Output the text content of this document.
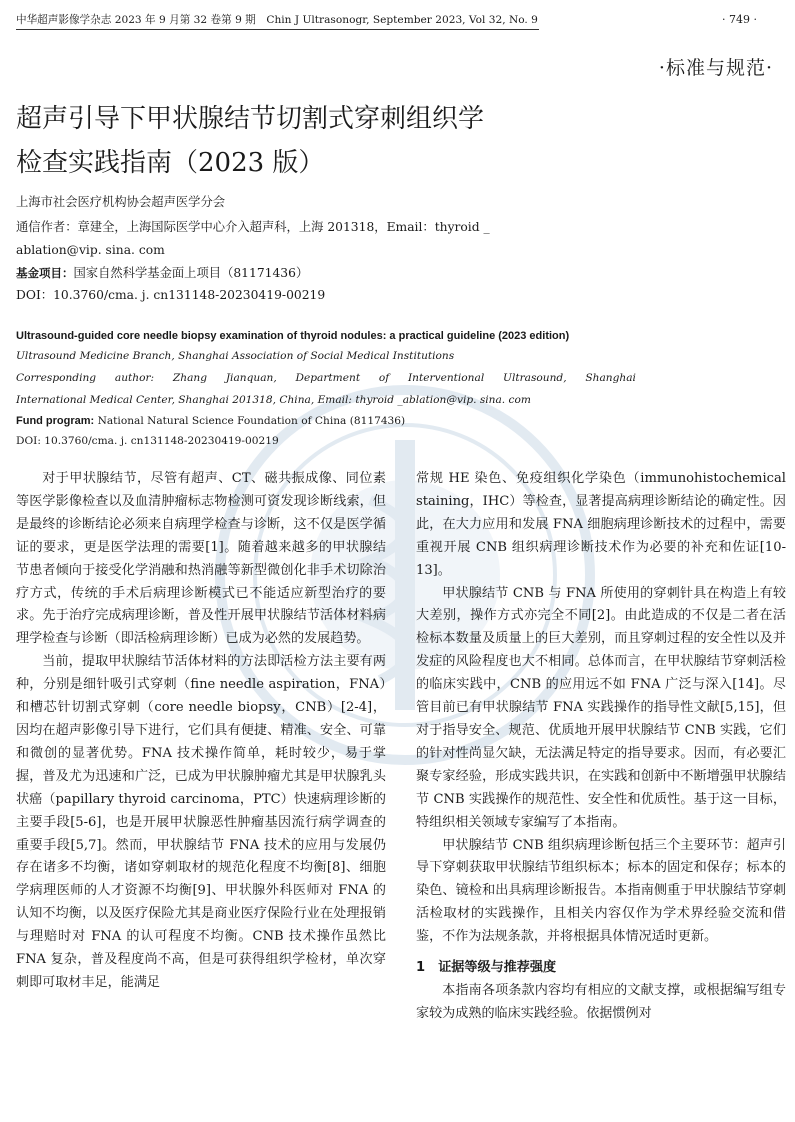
中华超声影像学杂志 2023 年 9 月第 32 卷第 9 期　Chin J Ultrasonogr, September 2023, Vol 32, No. 9	· 749 ·
·标准与规范·
超声引导下甲状腺结节切割式穿刺组织学
检查实践指南（2023 版）
上海市社会医疗机构协会超声医学分会
通信作者：章建全，上海国际医学中心介入超声科，上海 201318，Email：thyroid _
ablation@vip. sina. com
基金项目：国家自然科学基金面上项目（81171436）
DOI：10.3760/cma. j. cn131148-20230419-00219
Ultrasound-guided core needle biopsy examination of thyroid nodules: a practical guideline (2023 edition)
Ultrasound Medicine Branch, Shanghai Association of Social Medical Institutions
Corresponding author: Zhang Jianquan, Department of Interventional Ultrasound, Shanghai
International Medical Center, Shanghai 201318, China, Email: thyroid _ablation@vip. sina. com
Fund program: National Natural Science Foundation of China (8117436)
DOI: 10.3760/cma. j. cn131148-20230419-00219

对于甲状腺结节，尽管有超声、CT、磁共振成像、同位素等医学影像检查以及血清肿瘤标志物检测可资发现诊断线索，但是最终的诊断结论必须来自病理学检查与诊断，这不仅是医学循证的要求，更是医学法理的需要[1]。随着越来越多的甲状腺结节患者倾向于接受化学消融和热消融等新型微创化非手术切除治疗方式，传统的手术后病理诊断模式已不能适应新型治疗的要求。先于治疗完成病理诊断，普及性开展甲状腺结节活体材料病理学检查与诊断（即活检病理诊断）已成为必然的发展趋势。

当前，提取甲状腺结节活体材料的方法即活检方法主要有两种，分别是细针吸引式穿刺（fine needle aspiration，FNA）和槽芯针切割式穿刺（core needle biopsy，CNB）[2-4]，因均在超声影像引导下进行，它们具有便捷、精准、安全、可靠和微创的显著优势。FNA 技术操作简单，耗时较少，易于掌握，普及尤为迅速和广泛，已成为甲状腺肿瘤尤其是甲状腺乳头状癌（papillary thyroid carcinoma，PTC）快速病理诊断的主要手段[5-6]，也是开展甲状腺恶性肿瘤基因流行病学调查的重要手段[5,7]。然而，甲状腺结节 FNA 技术的应用与发展仍存在诸多不均衡，诸如穿刺取材的规范化程度不均衡[8]、细胞学病理医师的人才资源不均衡[9]、甲状腺外科医师对 FNA 的认知不均衡，以及医疗保险尤其是商业医疗保险行业在处理报销与理赔时对 FNA 的认可程度不均衡。CNB 技术操作虽然比 FNA 复杂，普及程度尚不高，但是可获得组织学检材，单次穿刺即可取材丰足，能满足

常规 HE 染色、免疫组织化学染色（immunohistochemical staining，IHC）等检查，显著提高病理诊断结论的确定性。因此，在大力应用和发展 FNA 细胞病理诊断技术的过程中，需要重视开展 CNB 组织病理诊断技术作为必要的补充和佐证[10-13]。

甲状腺结节 CNB 与 FNA 所使用的穿刺针具在构造上有较大差别，操作方式亦完全不同[2]。由此造成的不仅是二者在活检标本数量及质量上的巨大差别，而且穿刺过程的安全性以及并发症的风险程度也大不相同。总体而言，在甲状腺结节穿刺活检的临床实践中，CNB 的应用远不如 FNA 广泛与深入[14]。尽管目前已有甲状腺结节 FNA 实践操作的指导性文献[5,15]，但对于指导安全、规范、优质地开展甲状腺结节 CNB 实践，它们的针对性尚显欠缺，无法满足特定的指导要求。因而，有必要汇聚专家经验，形成实践共识，在实践和创新中不断增强甲状腺结节 CNB 实践操作的规范性、安全性和优质性。基于这一目标，特组织相关领域专家编写了本指南。

甲状腺结节 CNB 组织病理诊断包括三个主要环节：超声引导下穿刺获取甲状腺结节组织标本；标本的固定和保存；标本的染色、镜检和出具病理诊断报告。本指南侧重于甲状腺结节穿刺活检取材的实践操作，且相关内容仅作为学术界经验交流和借鉴，不作为法规条款，并将根据具体情况适时更新。

1　证据等级与推荐强度

本指南各项条款内容均有相应的文献支撑，或根据编写组专家较为成熟的临床实践经验。依据惯例对
